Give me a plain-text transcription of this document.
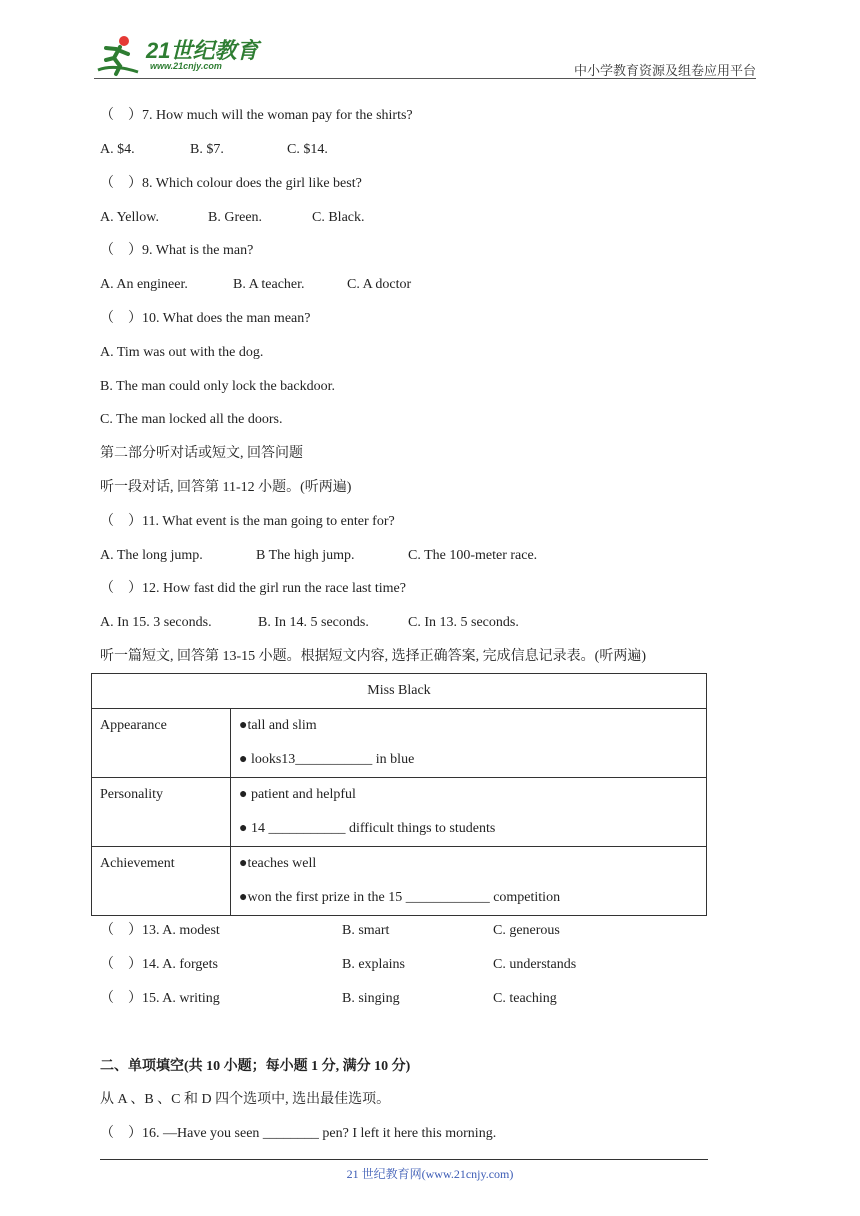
21世纪教育
www.21cnjy.com	中小学教育资源及组卷应用平台
（　）7. How much will the woman pay for the shirts?
A. $4.	B. $7.	C. $14.
（　）8. Which colour does the girl like best?
A. Yellow.	B. Green.	C. Black.
（　）9. What is the man?
A. An engineer.	B. A teacher.	C. A doctor
（　）10. What does the man mean?
A. Tim was out with the dog.
B. The man could only lock the backdoor.
C. The man locked all the doors.
第二部分听对话或短文, 回答问题
听一段对话, 回答第 11-12 小题。(听两遍)
（　）11. What event is the man going to enter for?
A. The long jump.	B The high jump.	C. The 100-meter race.
（　）12. How fast did the girl run the race last time?
A. In 15. 3 seconds.	B. In 14. 5 seconds.	C. In 13. 5 seconds.
听一篇短文, 回答第 13-15 小题。根据短文内容, 选择正确答案, 完成信息记录表。(听两遍)
Miss Black	
Appearance	●tall and slim
● looks13___________ in blue

Personality	● patient and helpful
● 14 ___________ difficult things to students

Achievement	●teaches well
●won the first prize in the 15 ____________ competition
（　）13. A. modest	B. smart	C. generous
（　）14. A. forgets	B. explains	C. understands
（　）15. A. writing	B. singing	C. teaching
二、单项填空(共 10 小题；每小题 1 分, 满分 10 分)
从 A 、B 、C 和 D 四个选项中, 选出最佳选项。
（　）16. —Have you seen ________ pen? I left it here this morning.
21 世纪教育网(www.21cnjy.com)
